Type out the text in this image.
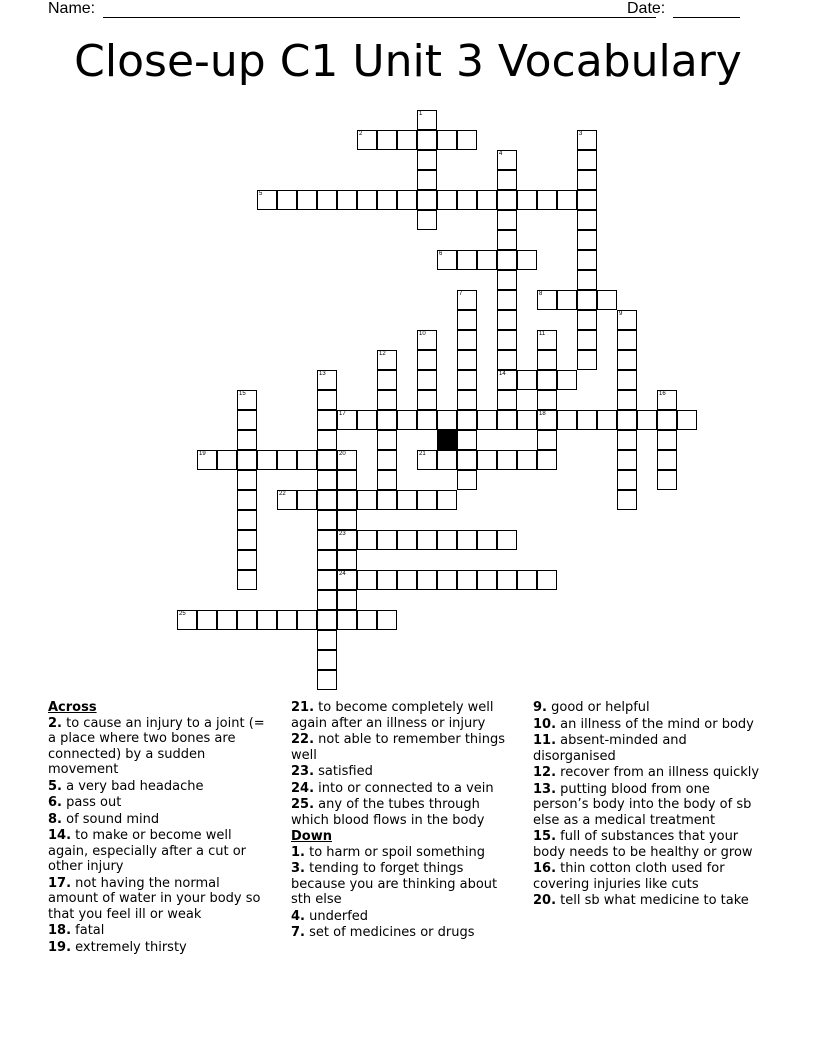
Name:	Date:
Close-up C1 Unit 3 Vocabulary
1
2	3
4
14
5
6
7	8
9
10	11
18
12
13
15	16
17
19	20
23
24
21
22
25
Across
2. to cause an injury to a joint (= a place where two bones are connected) by a sudden movement
5. a very bad headache
6. pass out
8. of sound mind
14. to make or become well again, especially after a cut or other injury
17. not having the normal amount of water in your body so that you feel ill or weak
18. fatal
19. extremely thirsty
21. to become completely well again after an illness or injury
22. not able to remember things well
23. satisfied
24. into or connected to a vein
25. any of the tubes through which blood flows in the body
Down
1. to harm or spoil something
3. tending to forget things because you are thinking about sth else
4. underfed
7. set of medicines or drugs
9. good or helpful
10. an illness of the mind or body
11. absent-minded and disorganised
12. recover from an illness quickly
13. putting blood from one person’s body into the body of sb else as a medical treatment
15. full of substances that your body needs to be healthy or grow
16. thin cotton cloth used for covering injuries like cuts
20. tell sb what medicine to take
